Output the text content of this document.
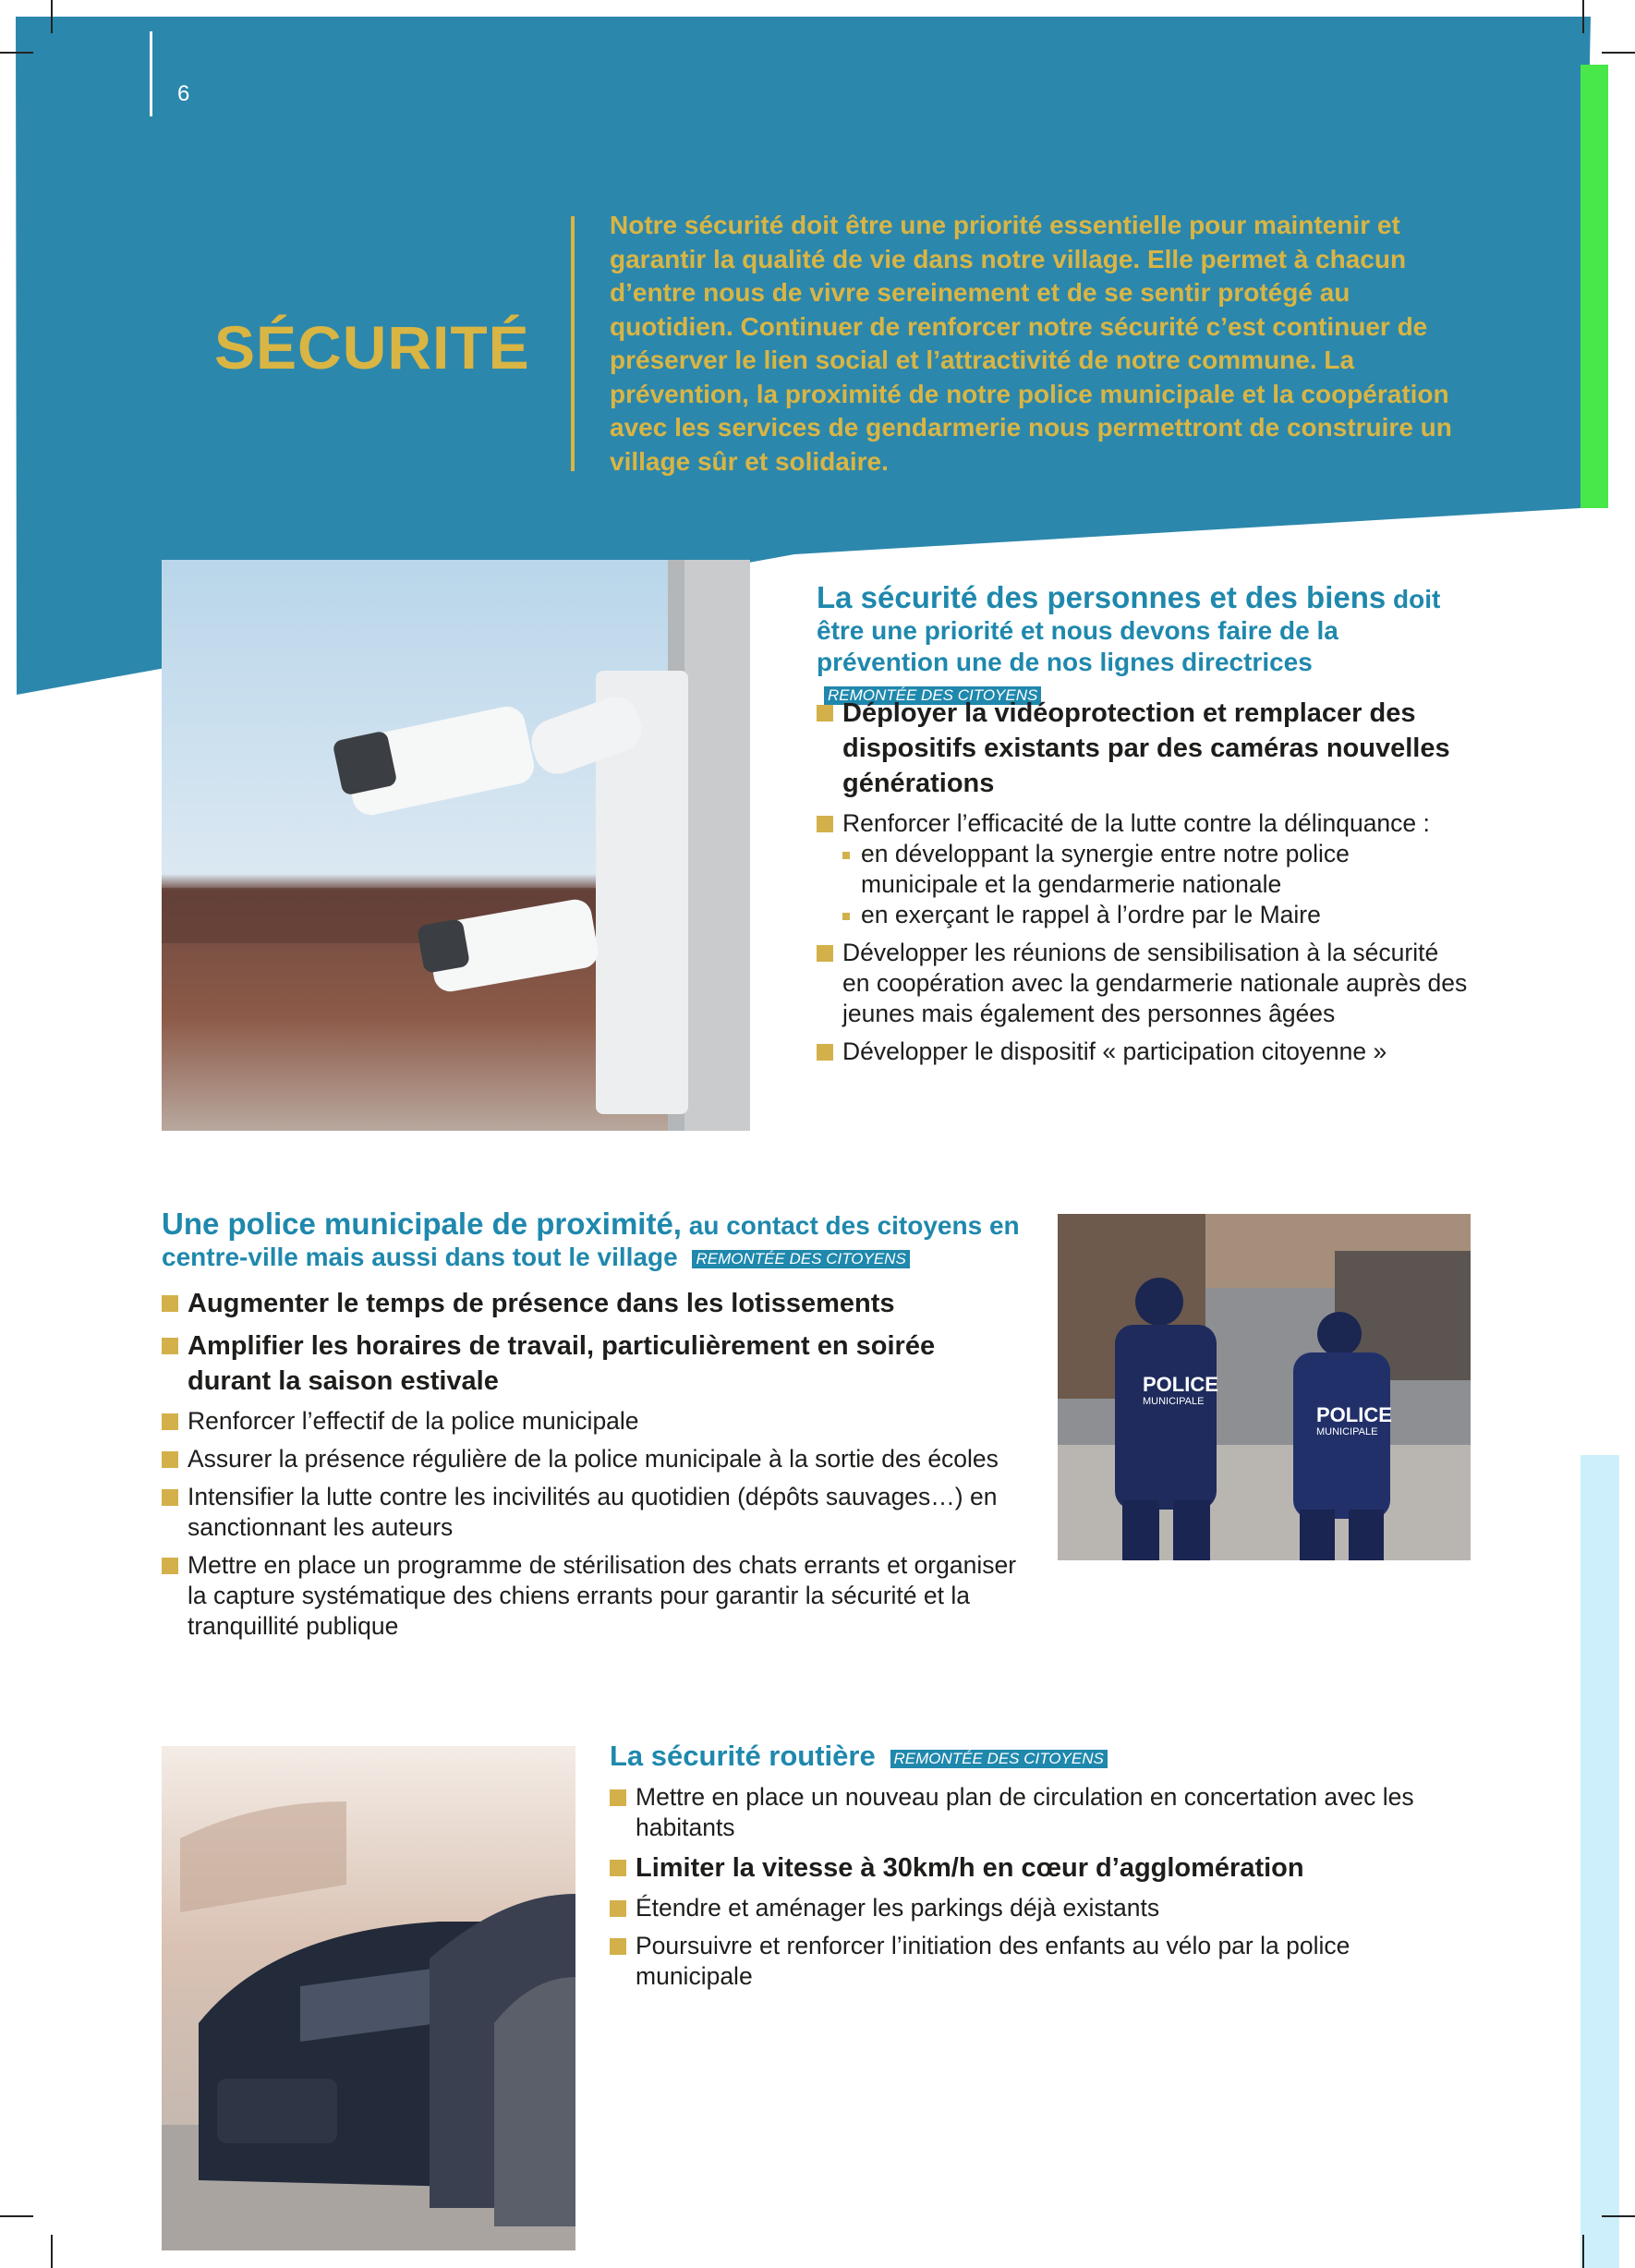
6
SÉCURITÉ
Notre sécurité doit être une priorité essentielle pour maintenir et garantir la qualité de vie dans notre village. Elle permet à chacun d’entre nous de vivre sereinement et de se sentir protégé au quotidien. Continuer de renforcer notre sécurité c’est continuer de préserver le lien social et l’attractivité de notre commune. La prévention, la proximité de notre police municipale et la coopération avec les services de gendarmerie nous permettront de construire un village sûr et solidaire.
La sécurité des personnes et des biens doit être une priorité et nous devons faire de la prévention une de nos lignes directrices REMONTÉE DES CITOYENS
Déployer la vidéoprotection et remplacer des dispositifs existants par des caméras nouvelles générations
Renforcer l’efficacité de la lutte contre la délinquance :
en développant la synergie entre notre police municipale et la gendarmerie nationale
en exerçant le rappel à l’ordre par le Maire
Développer les réunions de sensibilisation à la sécurité en coopération avec la gendarmerie nationale auprès des jeunes mais également des personnes âgées
Développer le dispositif « participation citoyenne »
Une police municipale de proximité, au contact des citoyens en centre-ville mais aussi dans tout le village REMONTÉE DES CITOYENS
Augmenter le temps de présence dans les lotissements
Amplifier les horaires de travail, particulièrement en soirée durant la saison estivale
Renforcer l’effectif de la police municipale
Assurer la présence régulière de la police municipale à la sortie des écoles
Intensifier la lutte contre les incivilités au quotidien (dépôts sauvages…) en sanctionnant les auteurs
Mettre en place un programme de stérilisation des chats errants et organiser la capture systématique des chiens errants pour garantir la sécurité et la tranquillité publique
POLICE
MUNICIPALE
POLICE
MUNICIPALE
La sécurité routière REMONTÉE DES CITOYENS
Mettre en place un nouveau plan de circulation en concertation avec les habitants
Limiter la vitesse à 30km/h en cœur d’agglomération
Étendre et aménager les parkings déjà existants
Poursuivre et renforcer l’initiation des enfants au vélo par la police municipale
